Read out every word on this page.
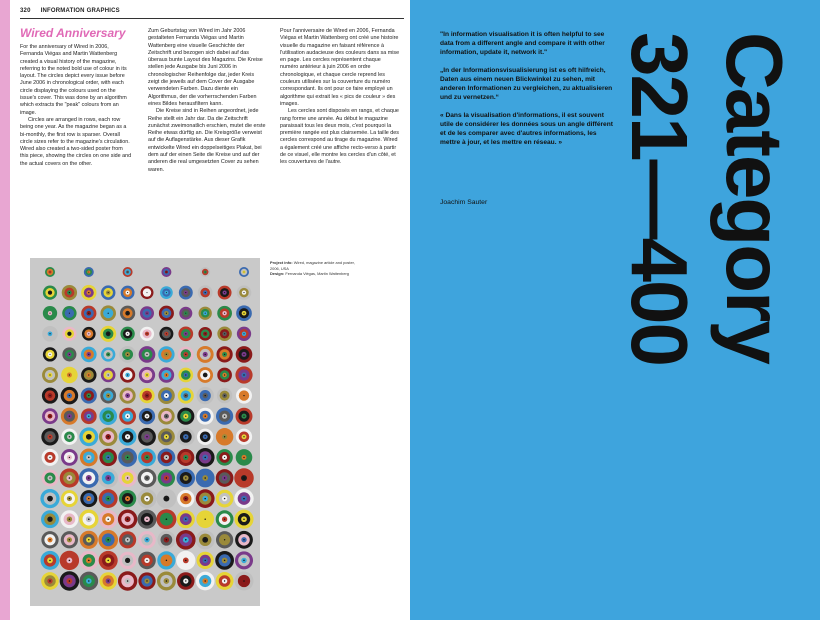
320 INFORMATION GRAPHICS
Wired Anniversary

For the anniversary of Wired in 2006, Fernanda Viégas and Martin Wattenberg created a visual history of the magazine, referring to the noted bold use of colour in its layout. The circles depict every issue before June 2006 in chronological order, with each circle displaying the colours used on the issue's cover. This was done by an algorithm which extracts the "peak" colours from an image.

Circles are arranged in rows, each row being one year. As the magazine began as a bi-monthly, the first row is sparser. Overall circle sizes refer to the magazine's circulation. Wired also created a two-sided poster from this piece, showing the circles on one side and the actual covers on the other.

Zum Geburtstag von Wired im Jahr 2006 gestalteten Fernanda Viégas und Martin Wattenberg eine visuelle Geschichte der Zeitschrift und bezogen sich dabei auf das überaus bunte Layout des Magazins. Die Kreise stellen jede Ausgabe bis Juni 2006 in chronologischer Reihenfolge dar, jeder Kreis zeigt die jeweils auf dem Cover der Ausgabe verwendeten Farben. Dazu diente ein Algorithmus, der die vorherrschenden Farben eines Bildes herausfiltern kann.

Die Kreise sind in Reihen angeordnet, jede Reihe stellt ein Jahr dar. Da die Zeitschrift zunächst zweimonatlich erschien, mutet die erste Reihe etwas dürftig an. Die Kreisgröße verweist auf die Auflagenstärke. Aus dieser Grafik entwickelte Wired ein doppelseitiges Plakat, bei dem auf der einen Seite die Kreise und auf der anderen die real umgesetzten Cover zu sehen waren.

Pour l'anniversaire de Wired en 2006, Fernanda Viégas et Martin Wattenberg ont créé une histoire visuelle du magazine en faisant référence à l'utilisation audacieuse des couleurs dans sa mise en page. Les cercles représentent chaque numéro antérieur à juin 2006 en ordre chronologique, et chaque cercle reprend les couleurs utilisées sur la couverture du numéro correspondant. Ils ont pour ce faire employé un algorithme qui extrait les « pics de couleur » des images.

Les cercles sont disposés en rangs, et chaque rang forme une année. Au début le magazine paraissait tous les deux mois, c'est pourquoi la première rangée est plus clairsemée. La taille des cercles correspond au tirage du magazine. Wired a également créé une affiche recto-verso à partir de ce visuel, elle montre les cercles d'un côté, et les couvertures de l'autre.

Project info: Wired, magazine article and poster, 2006, USA
Design: Fernanda Viégas, Martin Wattenberg

"In information visualisation it is often helpful to see data from a different angle and compare it with other information, update it, network it."

„In der Informationsvisualisierung ist es oft hilfreich, Daten aus einem neuen Blickwinkel zu sehen, mit anderen Informationen zu vergleichen, zu aktualisieren und zu vernetzen.“

« Dans la visualisation d'informations, il est souvent utile de considérer les données sous un angle différent et de les comparer avec d'autres informations, les mettre à jour, et les mettre en réseau. »

Joachim Sauter	Category
321—400
